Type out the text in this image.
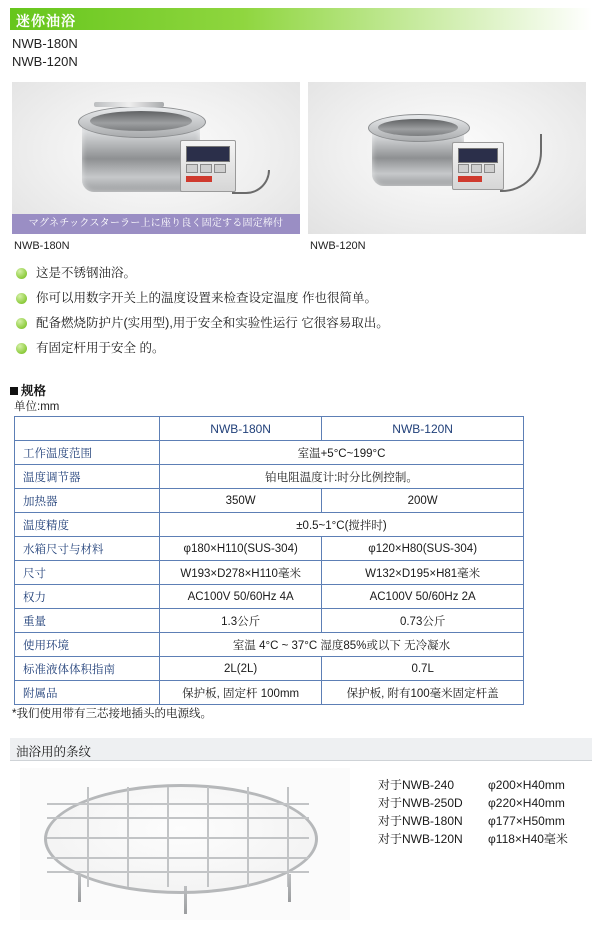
迷你油浴
NWB-180N
NWB-120N
マグネチックスターラー上に座り良く固定する固定棒付
NWB-180N	NWB-120N
这是不锈钢油浴。
你可以用数字开关上的温度设置来检查设定温度 作也很简单。
配备燃烧防护片(实用型),用于安全和实验性运行 它很容易取出。
有固定杆用于安全 的。
规格
单位:mm
	NWB-180N	NWB-120N
工作温度范围	室温+5°C~199°C	
温度调节器	铂电阻温度计:时分比例控制。	
加热器	350W	200W
温度精度	±0.5~1°C(搅拌时)	
水箱尺寸与材料	φ180×H110(SUS-304)	φ120×H80(SUS-304)
尺寸	W193×D278×H110毫米	W132×D195×H81毫米
权力	AC100V 50/60Hz 4A	AC100V 50/60Hz 2A
重量	1.3公斤	0.73公斤
使用环境	室温 4°C ~ 37°C 湿度85%或以下 无冷凝水	
标准液体体积指南	2L(2L)	0.7L
附属品	保护板, 固定杆 100mm	保护板, 附有100毫米固定杆盖
*我们使用带有三芯接地插头的电源线。
油浴用的条纹
对于NWB-240	φ200×H40mm
对于NWB-250D φ220×H40mm
对于NWB-180N φ177×H50mm
对于NWB-120N φ118×H40毫米
